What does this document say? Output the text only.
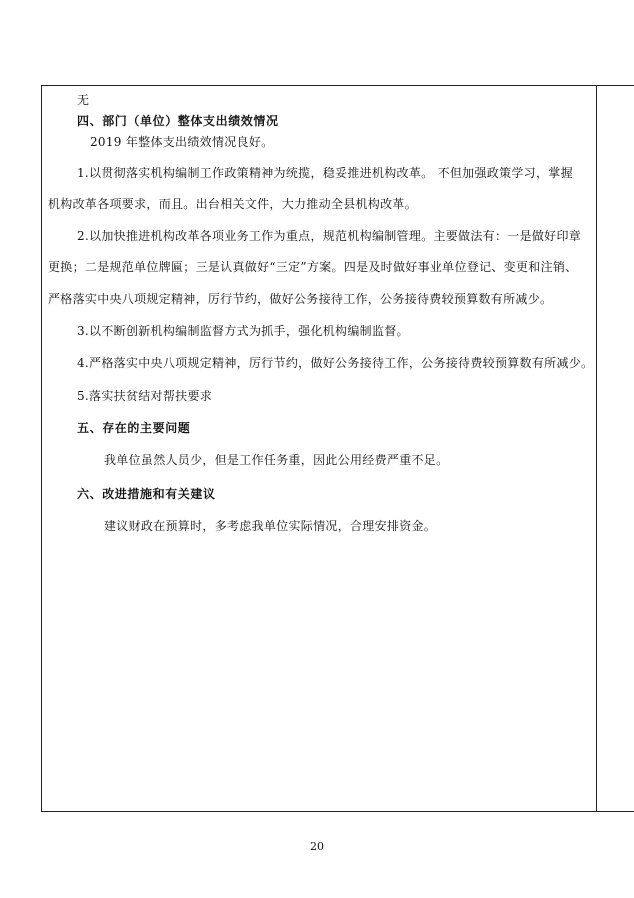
无
四、部门（单位）整体支出绩效情况
2019 年整体支出绩效情况良好。
1.以贯彻落实机构编制工作政策精神为统揽，稳妥推进机构改革。 不但加强政策学习，掌握
机构改革各项要求，而且。出台相关文件，大力推动全县机构改革。
2.以加快推进机构改革各项业务工作为重点，规范机构编制管理。主要做法有：一是做好印章
更换；二是规范单位牌匾；三是认真做好“三定”方案。四是及时做好事业单位登记、变更和注销、
严格落实中央八项规定精神，厉行节约，做好公务接待工作，公务接待费较预算数有所减少。
3.以不断创新机构编制监督方式为抓手，强化机构编制监督。
4.严格落实中央八项规定精神，厉行节约，做好公务接待工作，公务接待费较预算数有所减少。
5.落实扶贫结对帮扶要求
五、存在的主要问题
我单位虽然人员少，但是工作任务重，因此公用经费严重不足。
六、改进措施和有关建议
建议财政在预算时，多考虑我单位实际情况，合理安排资金。
20
